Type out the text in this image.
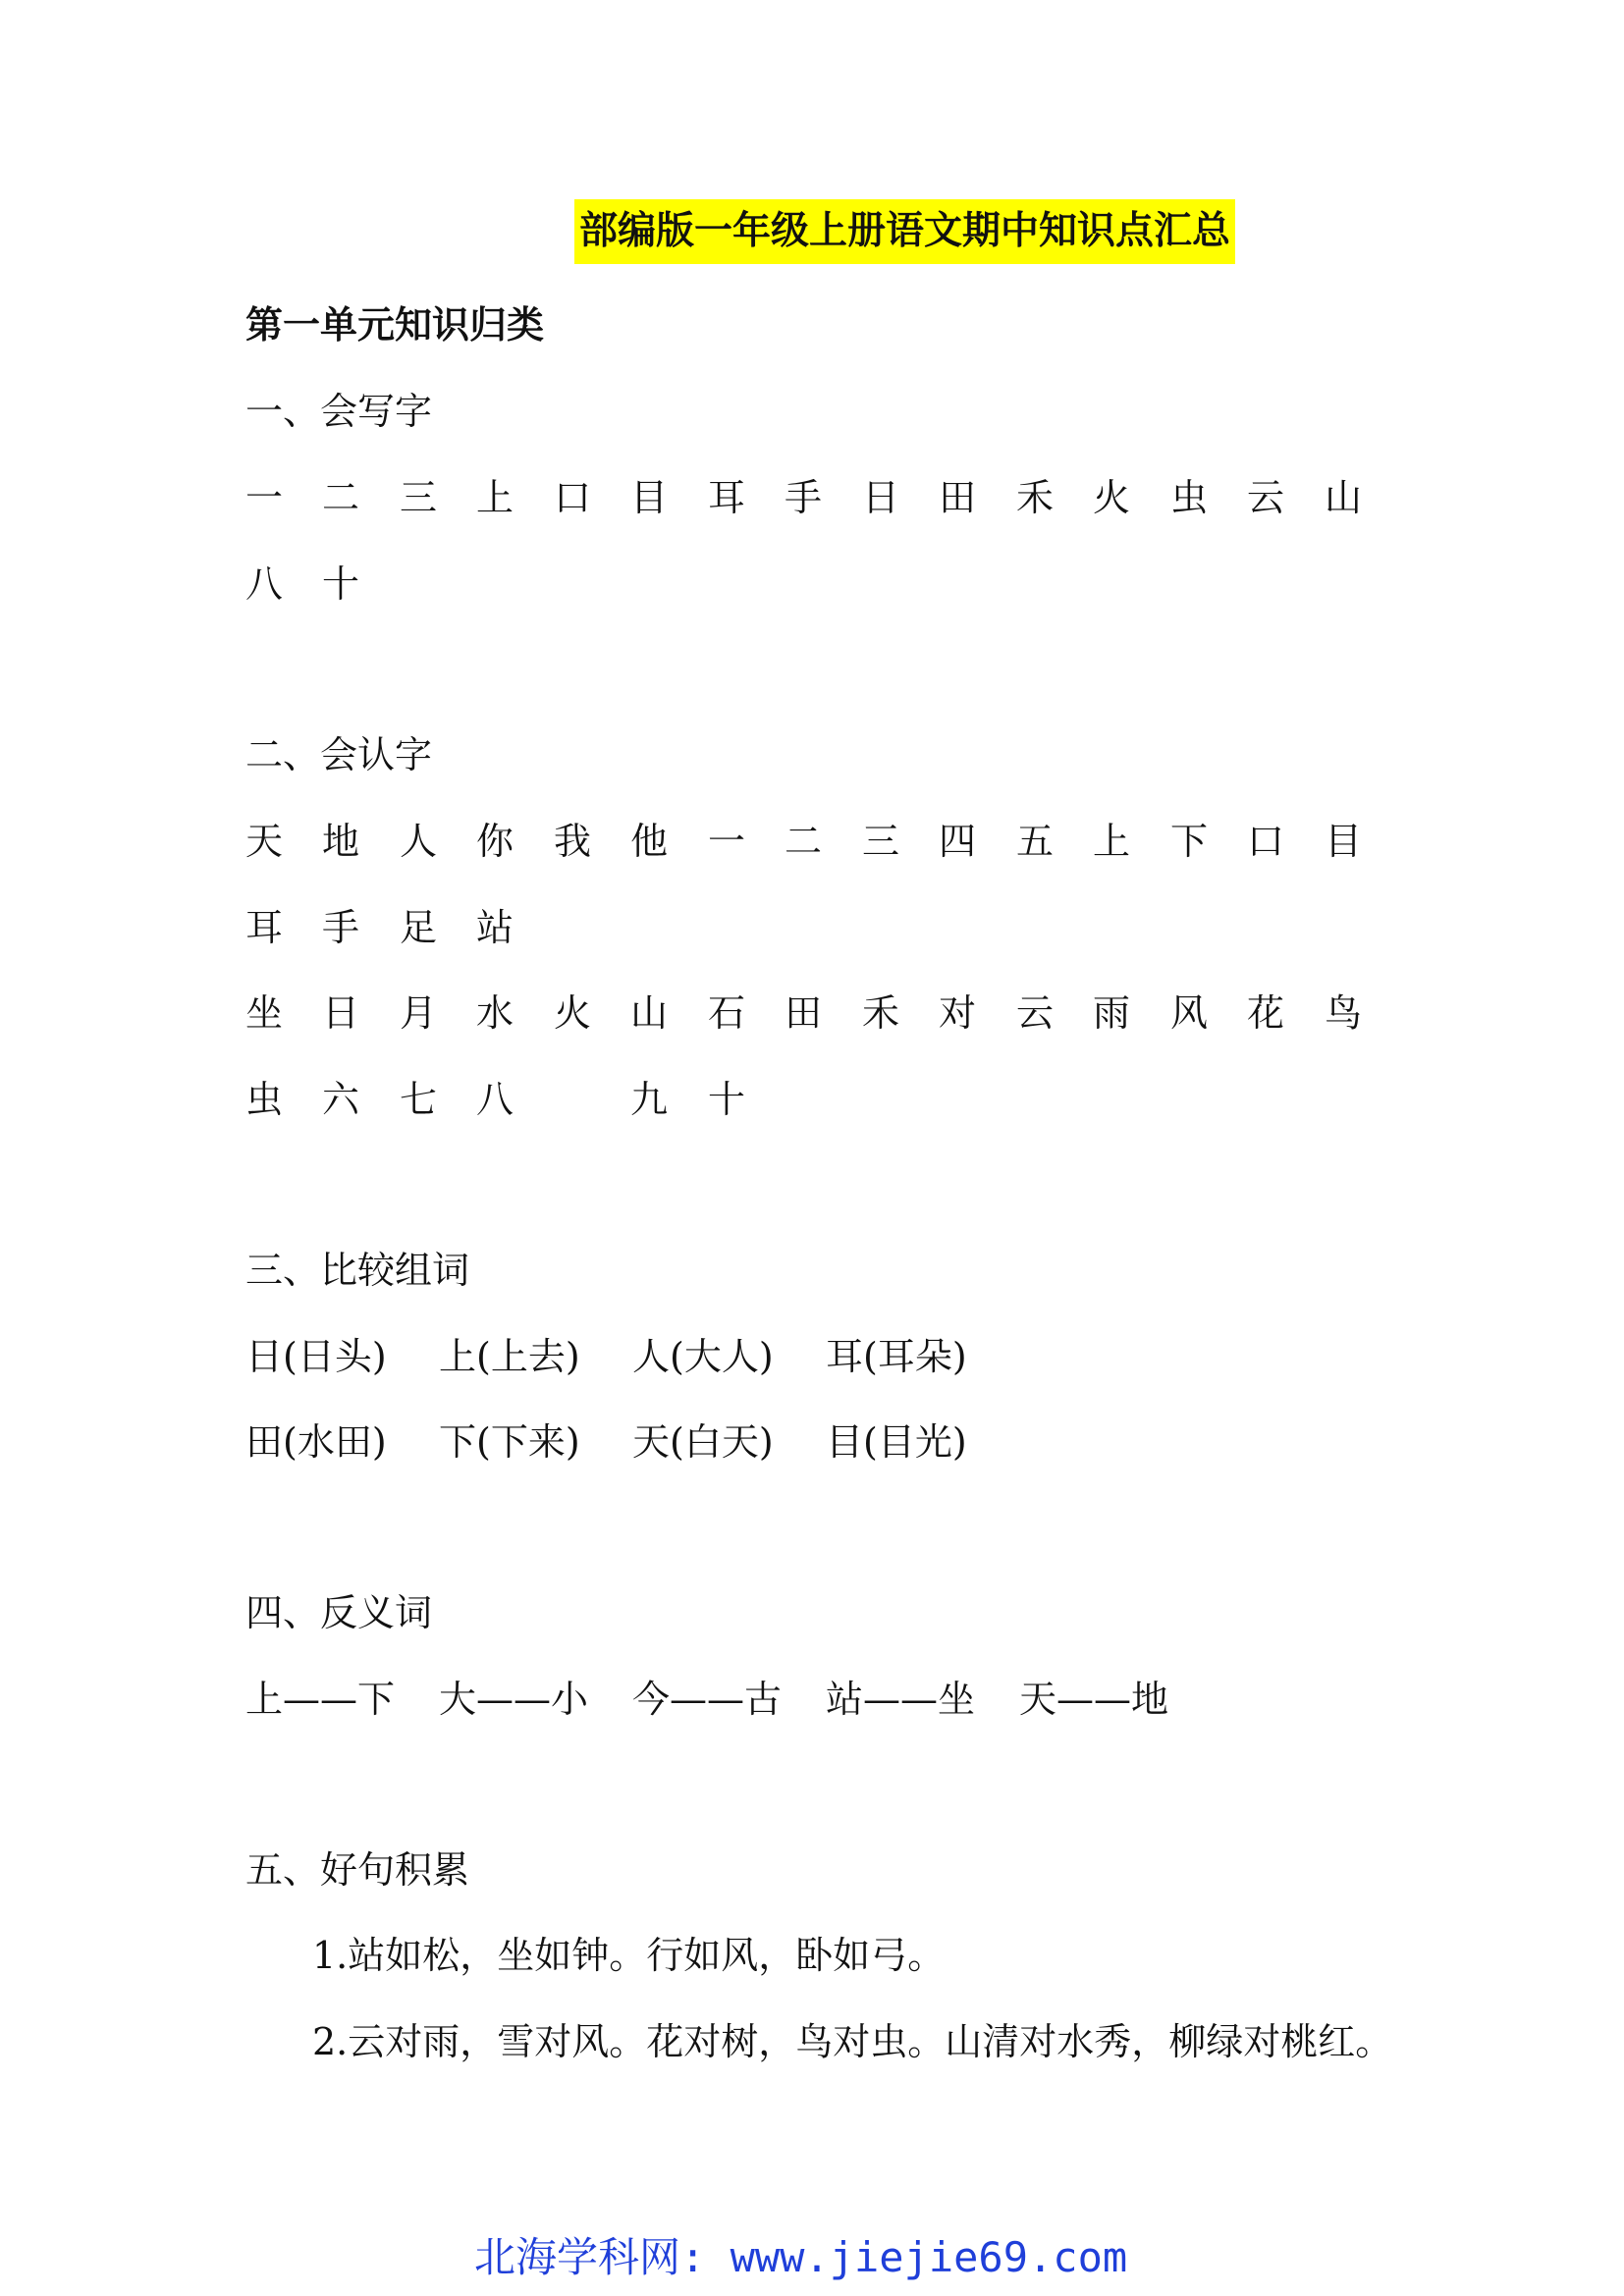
部编版一年级上册语文期中知识点汇总
第一单元知识归类
一、会写字
一 二 三 上 口 目 耳 手 日 田 禾 火 虫 云 山
八 十
二、会认字
天 地 人 你 我 他 一 二 三 四 五 上 下 口 目
耳 手 足 站
坐 日 月 水 火 山 石 田 禾 对 云 雨 风 花 鸟
虫 六 七 八	九 十
三、比较组词
日(日头) 上(上去) 人(大人) 耳(耳朵)
田(水田) 下(下来) 天(白天) 目(目光)
四、反义词
上——下 大——小 今——古 站——坐 天——地
五、好句积累
1.站如松，坐如钟。行如风，卧如弓。
2.云对雨，雪对风。花对树，鸟对虫。山清对水秀，柳绿对桃红。
北海学科网: www.jiejie69.com
